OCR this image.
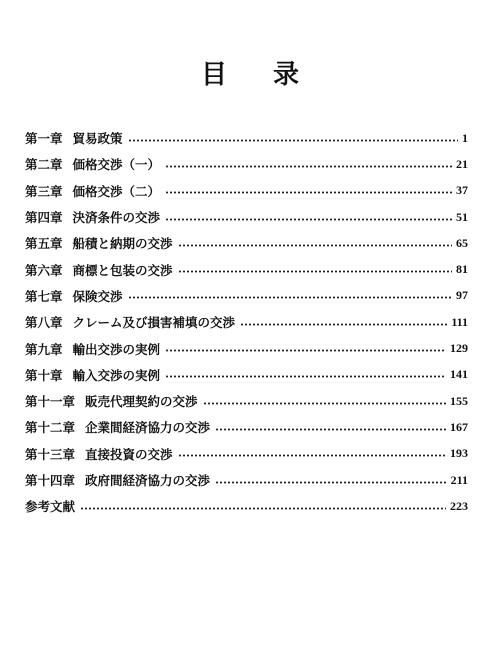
目　录
第一章 貿易政策	1
第二章 価格交渉（一）	21
第三章 価格交渉（二）	37
第四章 決済条件の交渉	51
第五章 船積と納期の交渉	65
第六章 商標と包装の交渉	81
第七章 保険交渉	97
第八章 クレーム及び損害補填の交渉	111
第九章 輸出交渉の実例	129
第十章 輸入交渉の実例	141
第十一章 販売代理契約の交渉	155
第十二章 企業間経済協力の交渉	167
第十三章 直接投資の交渉	193
第十四章 政府間経済協力の交渉	211
参考文献	223
